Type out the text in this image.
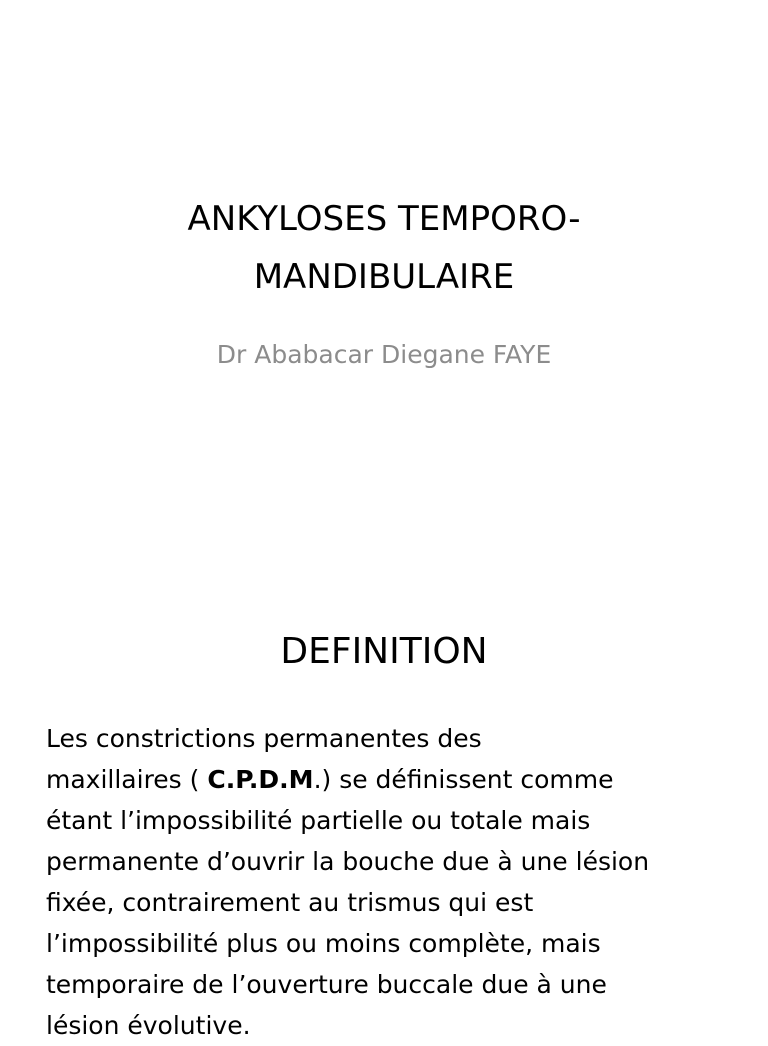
ANKYLOSES TEMPORO-
MANDIBULAIRE
Dr Ababacar Diegane FAYE
DEFINITION
Les constrictions permanentes des
maxillaires ( C.P.D.M.) se définissent comme
étant l’impossibilité partielle ou totale mais
permanente d’ouvrir la bouche due à une lésion
fixée, contrairement au trismus qui est
l’impossibilité plus ou moins complète, mais
temporaire de l’ouverture buccale due à une
lésion évolutive.
